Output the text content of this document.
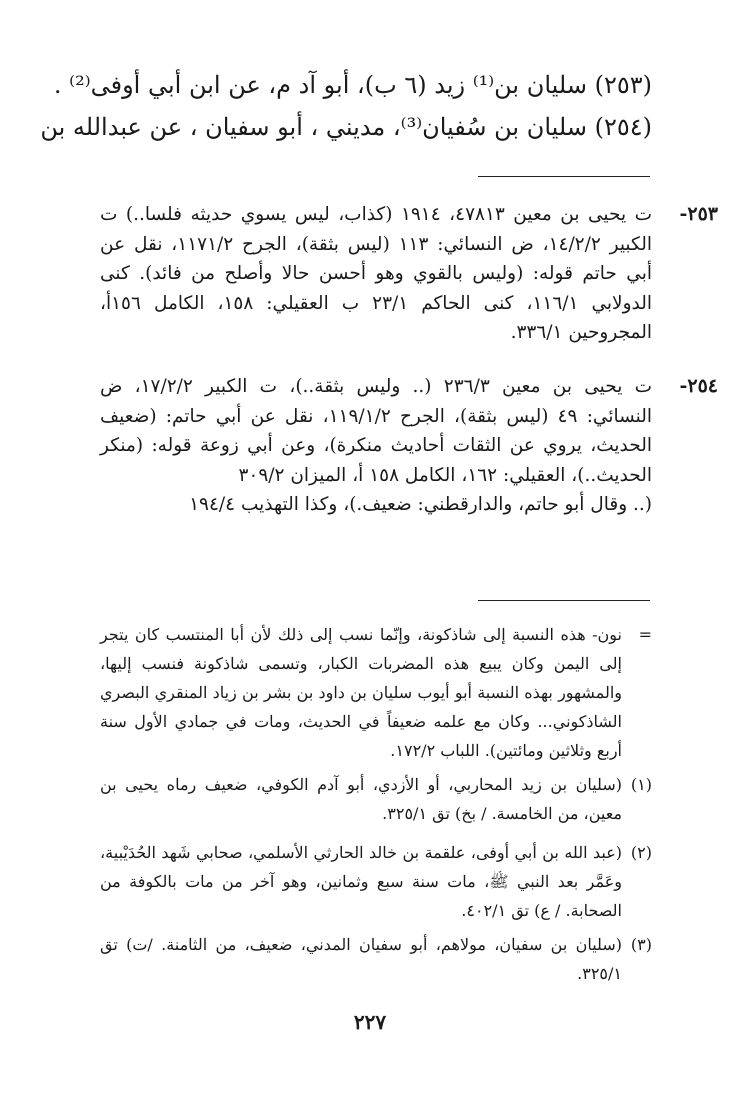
(٢٥٣) سليان بن⁽¹⁾ زيد (٦ ب)، أبو آد م، عن ابن أبي أوفى⁽²⁾ .
(٢٥٤) سليان بن سُفيان⁽³⁾، مديني ، أبو سفيان ، عن عبدالله بن
٢٥٣-

ت يحيى بن معين ٤٧٨١٣، ١٩١٤ (كذاب، ليس يسوي حديثه فلسا..) ت الكبير ١٤/٢/٢، ض النسائي: ١١٣ (ليس بثقة)، الجرح ١١٧١/٢، نقل عن أبي حاتم قوله: (وليس بالقوي وهو أحسن حالا وأصلح من فائد). كنى الدولابي ١١٦/١، كنى الحاكم ٢٣/١ ب العقيلي: ١٥٨، الكامل ١٥٦أ، المجروحين ٣٣٦/١.

٢٥٤-

ت يحيى بن معين ٢٣٦/٣ (.. وليس بثقة..)، ت الكبير ١٧/٢/٢، ض النسائي: ٤٩ (ليس بثقة)، الجرح ١١٩/١/٢، نقل عن أبي حاتم: (ضعيف الحديث، يروي عن الثقات أحاديث منكرة)، وعن أبي زوعة قوله: (منكر الحديث..)، العقيلي: ١٦٢، الكامل ١٥٨ أ، الميزان ٣٠٩/٢

(.. وقال أبو حاتم، والدارقطني: ضعيف.)، وكذا التهذيب ١٩٤/٤

=

نون- هذه النسبة إلى شاذكونة، وإنّما نسب إلى ذلك لأن أبا المنتسب كان يتجر إلى اليمن وكان يبيع هذه المضربات الكبار، وتسمى شاذكونة فنسب إليها، والمشهور بهذه النسبة أبو أيوب سليان بن داود بن بشر بن زياد المنقري البصري الشاذكوني... وكان مع علمه ضعيفاً في الحديث، ومات في جمادي الأول سنة أربع وثلاثين ومائتين). اللباب ١٧٢/٢.

(١)

(سليان بن زيد المحاربي، أو الأزدي، أبو آدم الكوفي، ضعيف رماه يحيى بن معين، من الخامسة. / بخ) تق ٣٢٥/١.

(٢)

(عبد الله بن أبي أوفى، علقمة بن خالد الحارثي الأسلمي، صحابي شَهد الحُدَيْبية، وعَمَّر بعد النبي ﷺ، مات سنة سبع وثمانين، وهو آخر من مات بالكوفة من الصحابة. / ع) تق ٤٠٢/١.

(٣)

(سليان بن سفيان، مولاهم، أبو سفيان المدني، ضعيف، من الثامنة. /ت) تق ٣٢٥/١.

٢٢٧
